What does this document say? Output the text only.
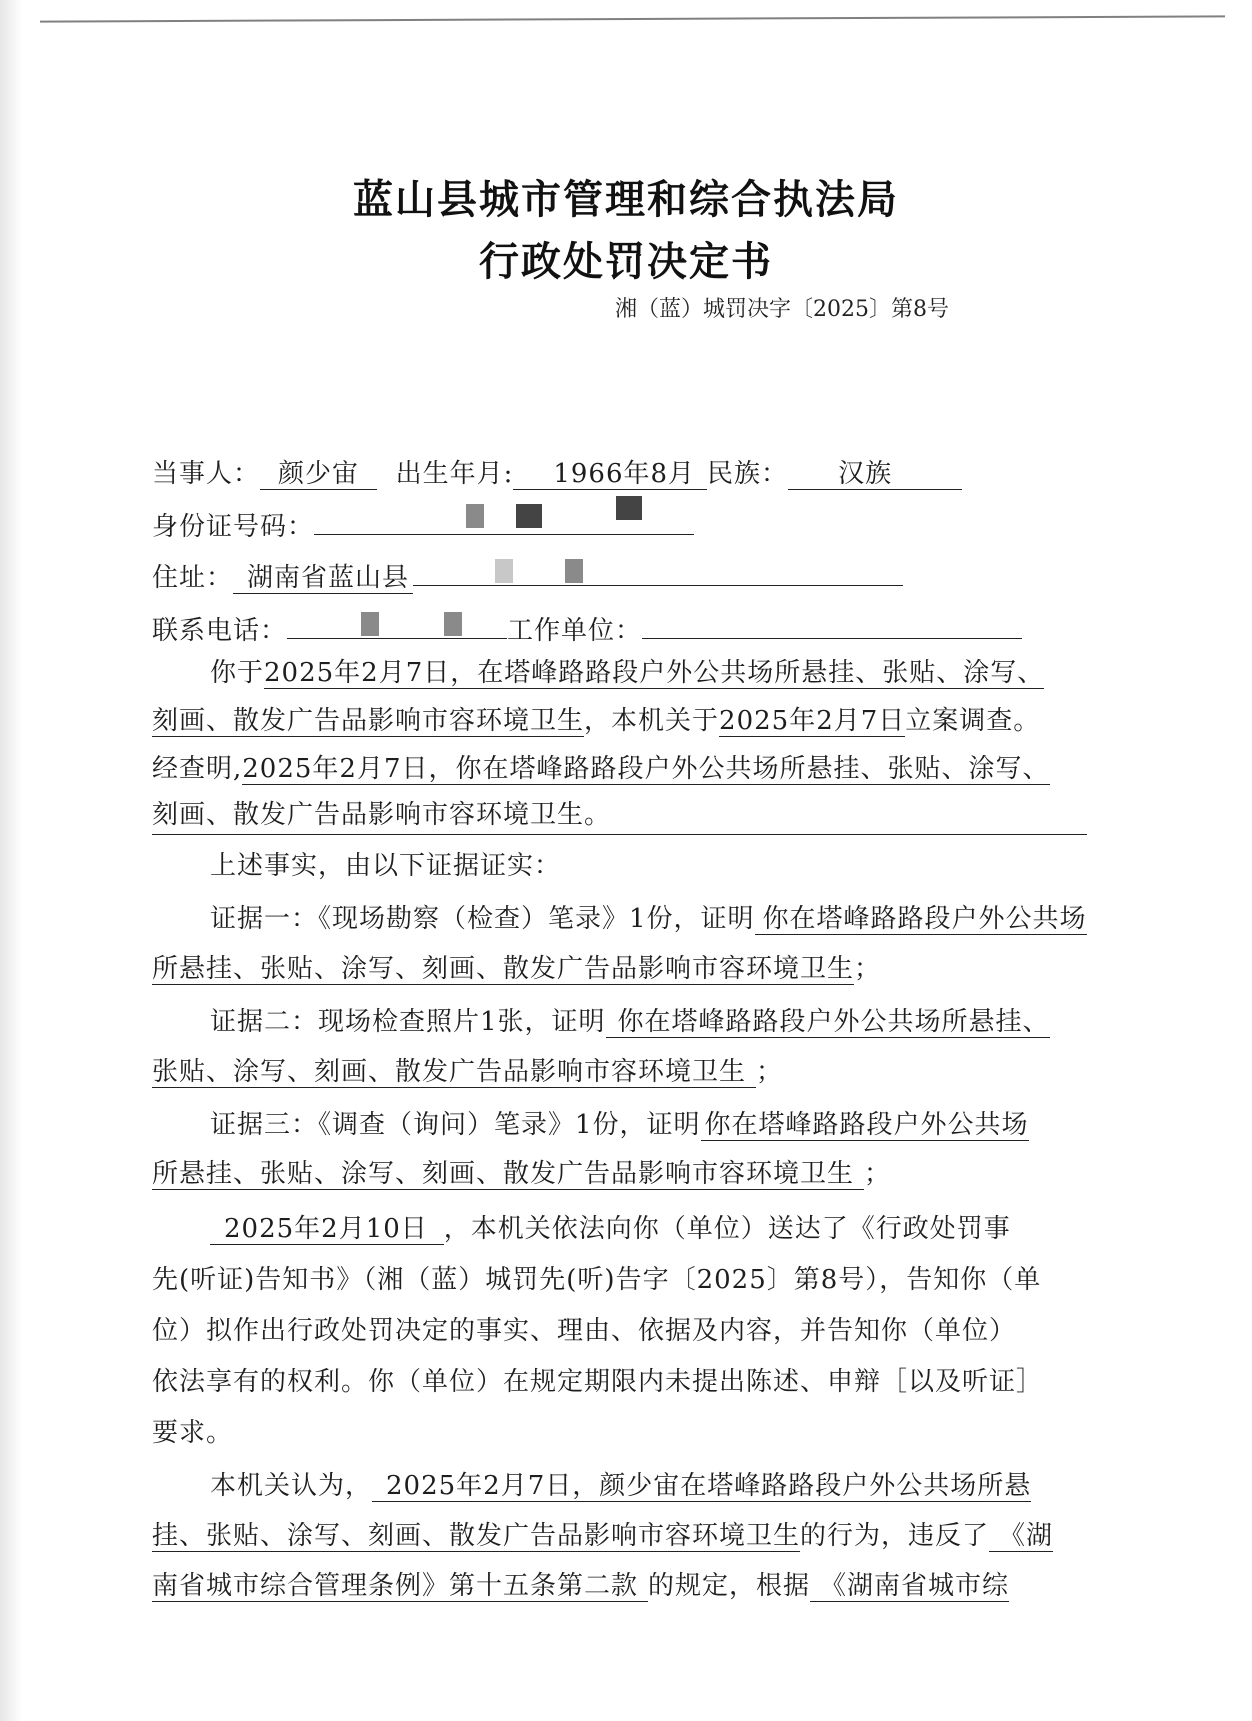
蓝山县城市管理和综合执法局
行政处罚决定书
湘（蓝）城罚决字〔2025〕第8号
当事人： 颜少宙 出生年月: 1966年8月 民族： 汉族
身份证号码：
住址： 湖南省蓝山县
联系电话：	工作单位：
你于2025年2月7日，在塔峰路路段户外公共场所悬挂、张贴、涂写、
刻画、散发广告品影响市容环境卫生，本机关于2025年2月7日立案调查。
经查明,2025年2月7日，你在塔峰路路段户外公共场所悬挂、张贴、涂写、
刻画、散发广告品影响市容环境卫生。
上述事实，由以下证据证实：
证据一：《现场勘察（检查）笔录》1份，证明 你在塔峰路路段户外公共场
所悬挂、张贴、涂写、刻画、散发广告品影响市容环境卫生；
证据二：现场检查照片1张，证明 你在塔峰路路段户外公共场所悬挂、
张贴、涂写、刻画、散发广告品影响市容环境卫生 ；
证据三：《调查（询问）笔录》1份，证明 你在塔峰路路段户外公共场
所悬挂、张贴、涂写、刻画、散发广告品影响市容环境卫生 ；
2025年2月10日 ，本机关依法向你（单位）送达了《行政处罚事
先(听证)告知书》（湘（蓝）城罚先(听)告字〔2025〕第8号），告知你（单
位）拟作出行政处罚决定的事实、理由、依据及内容，并告知你（单位）
依法享有的权利。你（单位）在规定期限内未提出陈述、申辩［以及听证］
要求。
本机关认为， 2025年2月7日，颜少宙在塔峰路路段户外公共场所悬
挂、张贴、涂写、刻画、散发广告品影响市容环境卫生的行为，违反了 《湖
南省城市综合管理条例》第十五条第二款 的规定，根据 《湖南省城市综
